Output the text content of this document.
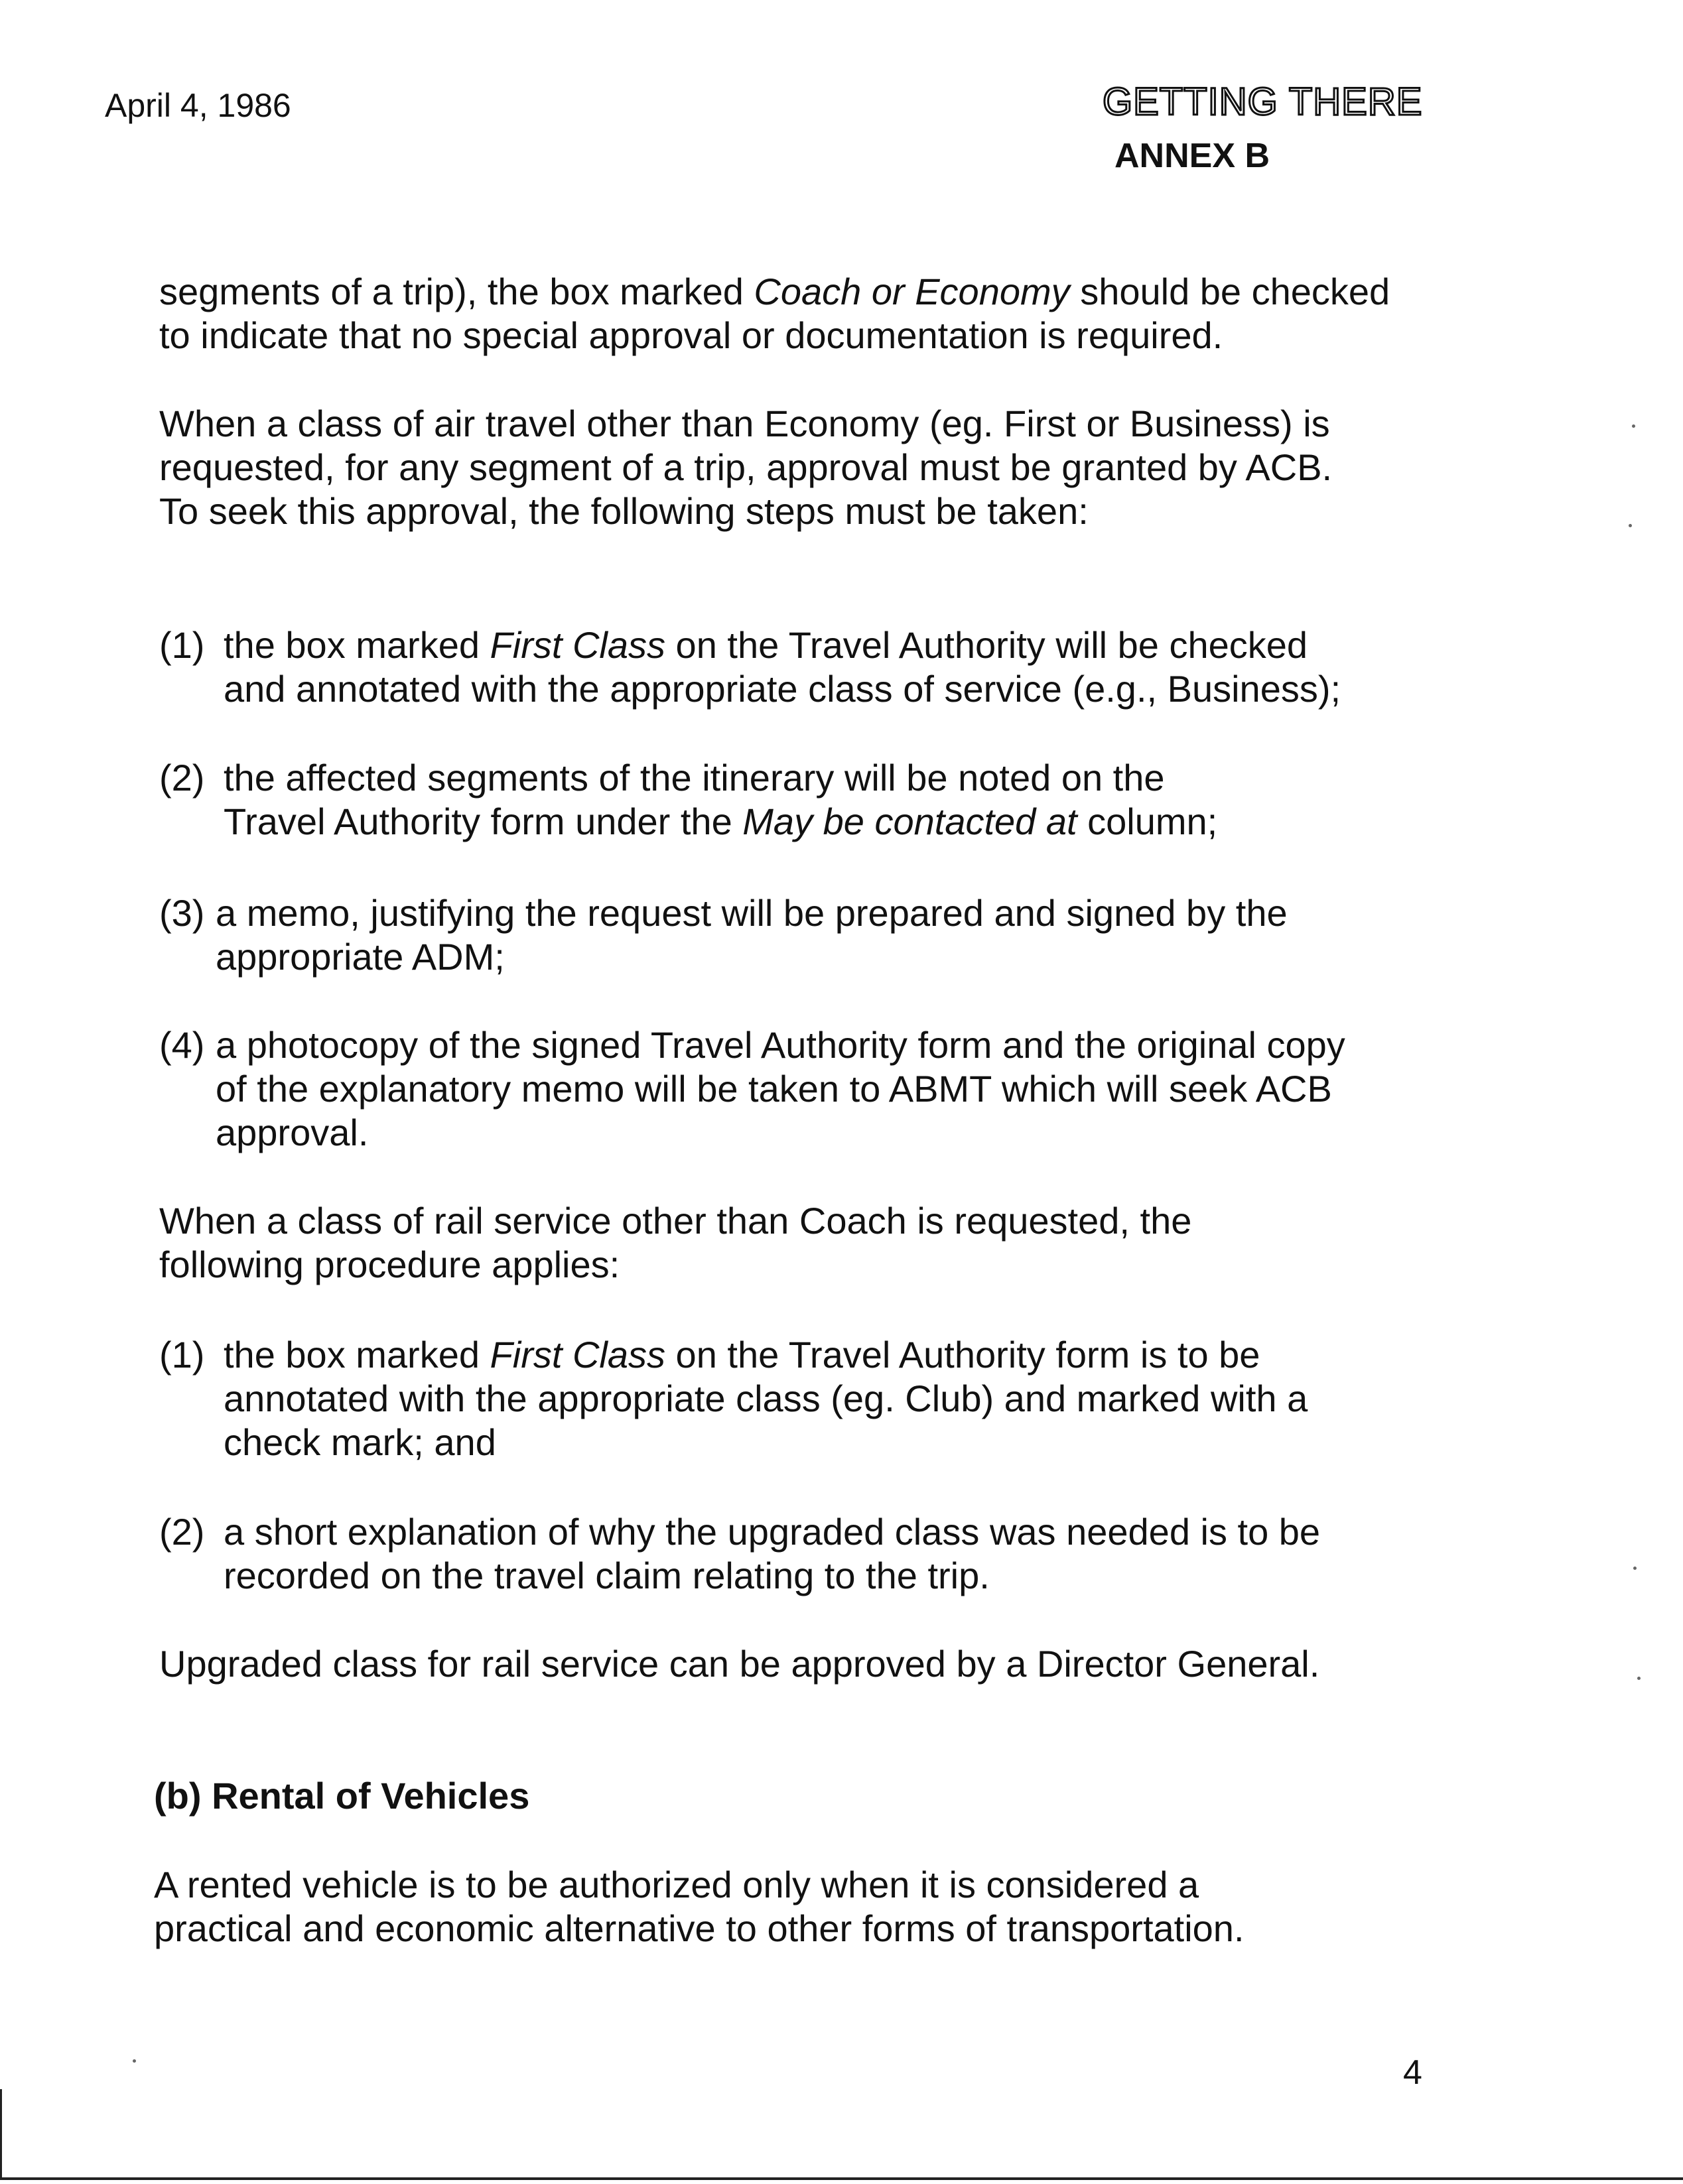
April 4, 1986	GETTING THERE
ANNEX B
segments of a trip), the box marked Coach or Economy should be checked
to indicate that no special approval or documentation is required.
When a class of air travel other than Economy (eg. First or Business) is
requested, for any segment of a trip, approval must be granted by ACB.
To seek this approval, the following steps must be taken:
(1) the box marked First Class on the Travel Authority will be checked
and annotated with the appropriate class of service (e.g., Business);
(2) the affected segments of the itinerary will be noted on the
Travel Authority form under the May be contacted at column;
(3) a memo, justifying the request will be prepared and signed by the
appropriate ADM;
(4) a photocopy of the signed Travel Authority form and the original copy
of the explanatory memo will be taken to ABMT which will seek ACB
approval.
When a class of rail service other than Coach is requested, the
following procedure applies:
(1) the box marked First Class on the Travel Authority form is to be
annotated with the appropriate class (eg. Club) and marked with a
check mark; and
(2) a short explanation of why the upgraded class was needed is to be
recorded on the travel claim relating to the trip.
Upgraded class for rail service can be approved by a Director General.
(b) Rental of Vehicles
A rented vehicle is to be authorized only when it is considered a
practical and economic alternative to other forms of transportation.
4
